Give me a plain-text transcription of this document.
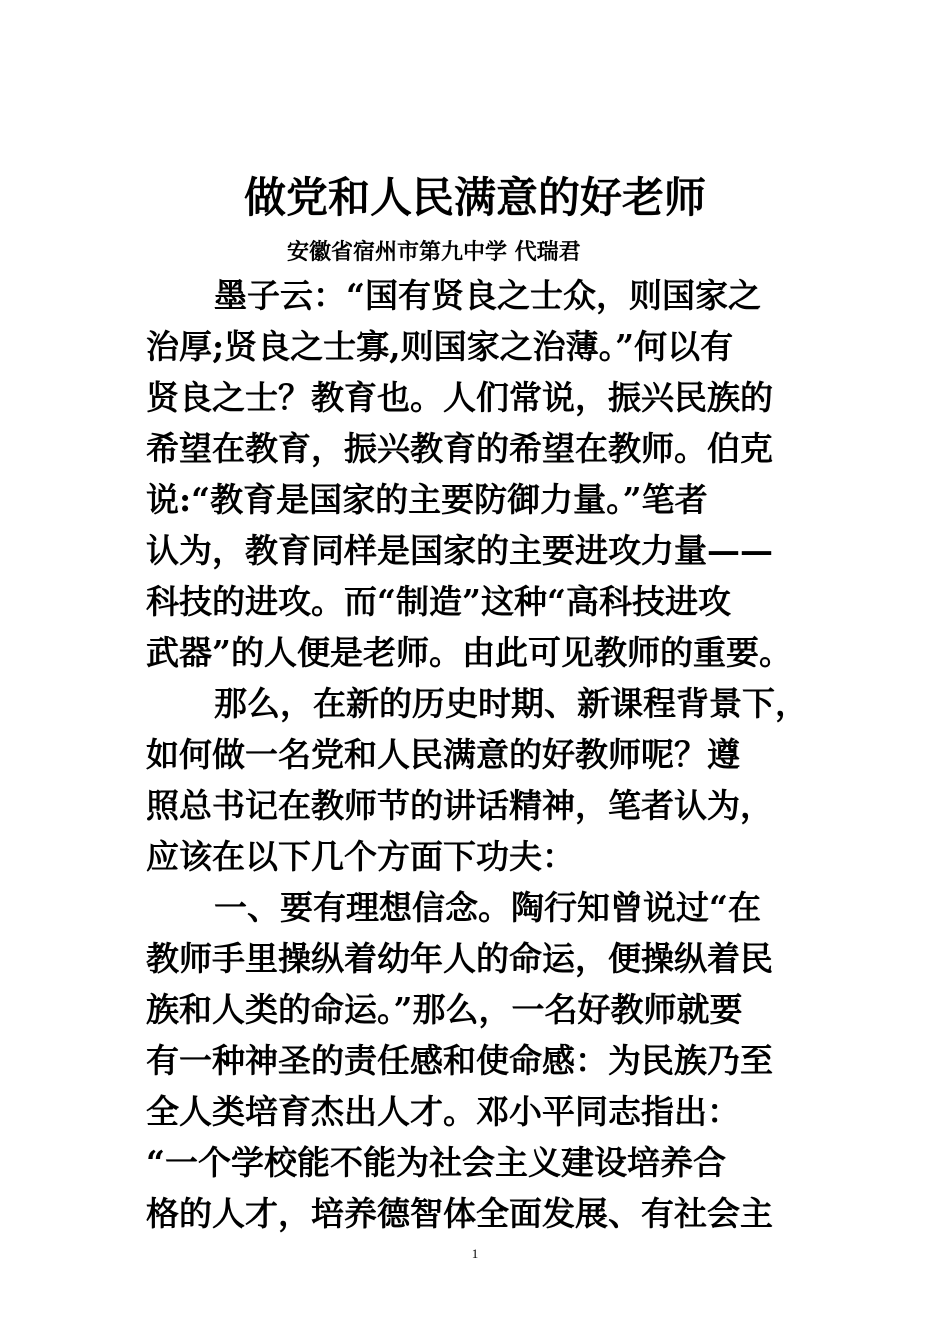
做党和人民满意的好老师
安徽省宿州市第九中学 代瑞君
墨子云：“国有贤良之士众，则国家之
治厚;贤良之士寡,则国家之治薄。”何以有
贤良之士？教育也。人们常说，振兴民族的
希望在教育，振兴教育的希望在教师。伯克
说:“教育是国家的主要防御力量。”笔者
认为，教育同样是国家的主要进攻力量——
科技的进攻。而“制造”这种“高科技进攻
武器”的人便是老师。由此可见教师的重要。
那么，在新的历史时期、新课程背景下，
如何做一名党和人民满意的好教师呢？遵
照总书记在教师节的讲话精神，笔者认为，
应该在以下几个方面下功夫：
一、要有理想信念。陶行知曾说过“在
教师手里操纵着幼年人的命运，便操纵着民
族和人类的命运。”那么，一名好教师就要
有一种神圣的责任感和使命感：为民族乃至
全人类培育杰出人才。邓小平同志指出：
“一个学校能不能为社会主义建设培养合
格的人才，培养德智体全面发展、有社会主
1
